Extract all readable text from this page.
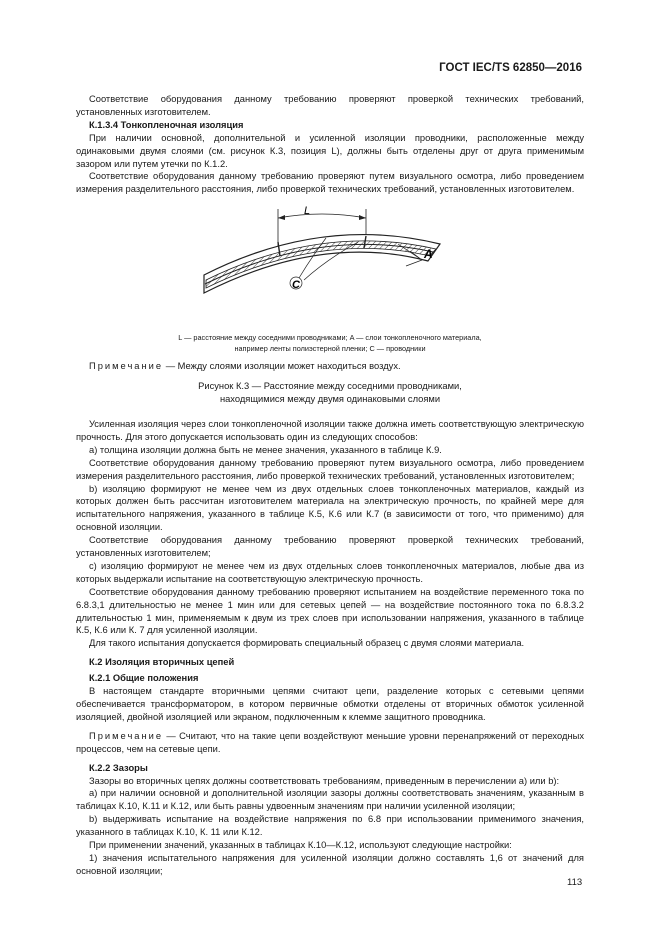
ГОСТ IEC/TS 62850—2016

Соответствие оборудования данному требованию проверяют проверкой технических требований, установленных изготовителем.

К.1.3.4 Тонкопленочная изоляция

При наличии основной, дополнительной и усиленной изоляции проводники, расположенные между одинаковыми двумя слоями (см. рисунок К.3, позиция L), должны быть отделены друг от друга применимым зазором или путем утечки по К.1.2.

Соответствие оборудования данному требованию проверяют путем визуального осмотра, либо проведением измерения разделительного расстояния, либо проверкой технических требований, установленных изготовителем.

L
A
C
L — расстояние между соседними проводниками; A — слои тонкопленочного материала,
например ленты полиэстерной пленки; C — проводники

Примечание — Между слоями изоляции может находиться воздух.

Рисунок К.3 — Расстояние между соседними проводниками,
находящимися между двумя одинаковыми слоями

Усиленная изоляция через слои тонкопленочной изоляции также должна иметь соответствующую электрическую прочность. Для этого допускается использовать один из следующих способов:

а) толщина изоляции должна быть не менее значения, указанного в таблице К.9.

Соответствие оборудования данному требованию проверяют путем визуального осмотра, либо проведением измерения разделительного расстояния, либо проверкой технических требований, установленных изготовителем;

b) изоляцию формируют не менее чем из двух отдельных слоев тонкопленочных материалов, каждый из которых должен быть рассчитан изготовителем материала на электрическую прочность, по крайней мере для испытательного напряжения, указанного в таблице К.5, К.6 или К.7 (в зависимости от того, что применимо) для основной изоляции.

Соответствие оборудования данному требованию проверяют проверкой технических требований, установленных изготовителем;

c) изоляцию формируют не менее чем из двух отдельных слоев тонкопленочных материалов, любые два из которых выдержали испытание на соответствующую электрическую прочность.

Соответствие оборудования данному требованию проверяют испытанием на воздействие переменного тока по 6.8.3,1 длительностью не менее 1 мин или для сетевых цепей — на воздействие постоянного тока по 6.8.3.2 длительностью 1 мин, применяемым к двум из трех слоев при использовании напряжения, указанного в таблице К.5, К.6 или К. 7 для усиленной изоляции.

Для такого испытания допускается формировать специальный образец с двумя слоями материала.

К.2 Изоляция вторичных цепей

К.2.1 Общие положения

В настоящем стандарте вторичными цепями считают цепи, разделение которых с сетевыми цепями обеспечивается трансформатором, в котором первичные обмотки отделены от вторичных обмоток усиленной изоляцией, двойной изоляцией или экраном, подключенным к клемме защитного проводника.

Примечание — Считают, что на такие цепи воздействуют меньшие уровни перенапряжений от переходных процессов, чем на сетевые цепи.

К.2.2 Зазоры

Зазоры во вторичных цепях должны соответствовать требованиям, приведенным в перечислении а) или b):

а) при наличии основной и дополнительной изоляции зазоры должны соответствовать значениям, указанным в таблицах К.10, К.11 и К.12, или быть равны удвоенным значениям при наличии усиленной изоляции;

b) выдерживать испытание на воздействие напряжения по 6.8 при использовании применимого значения, указанного в таблицах К.10, К. 11 или К.12.

При применении значений, указанных в таблицах К.10—К.12, используют следующие настройки:

1) значения испытательного напряжения для усиленной изоляции должно составлять 1,6 от значений для основной изоляции;

113
